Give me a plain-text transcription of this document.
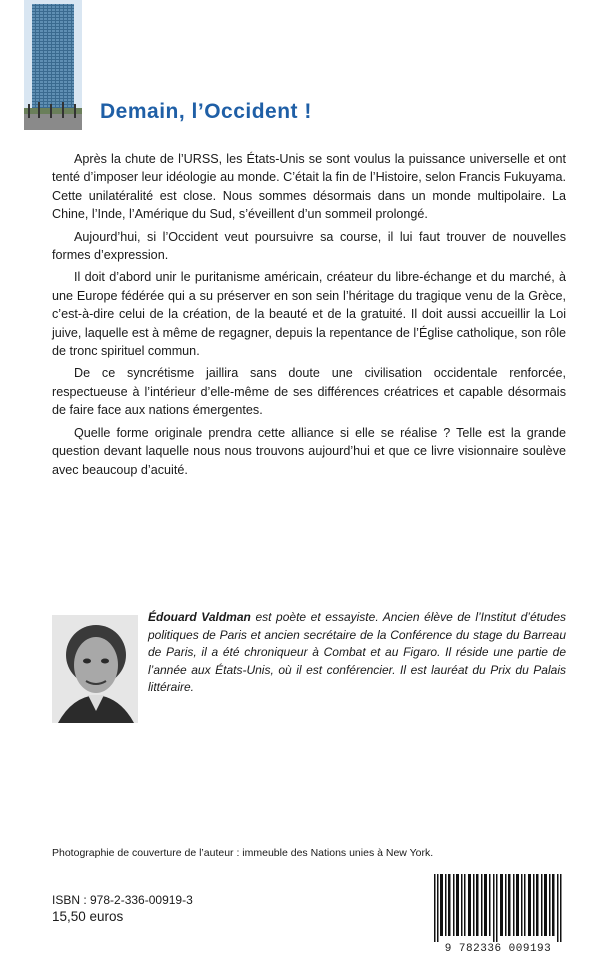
Demain, l’Occident !

Après la chute de l’URSS, les États-Unis se sont voulus la puissance universelle et ont tenté d’imposer leur idéologie au monde. C’était la fin de l’Histoire, selon Francis Fukuyama. Cette unilatéralité est close. Nous sommes désormais dans un monde multipolaire. La Chine, l’Inde, l’Amérique du Sud, s’éveillent d’un sommeil prolongé.

Aujourd’hui, si l’Occident veut poursuivre sa course, il lui faut trouver de nouvelles formes d’expression.

Il doit d’abord unir le puritanisme américain, créateur du libre-échange et du marché, à une Europe fédérée qui a su préserver en son sein l’héritage du tragique venu de la Grèce, c’est-à-dire celui de la création, de la beauté et de la gratuité. Il doit aussi accueillir la Loi juive, laquelle est à même de regagner, depuis la repentance de l’Église catholique, son rôle de tronc spirituel commun.

De ce syncrétisme jaillira sans doute une civilisation occidentale renforcée, respectueuse à l’intérieur d’elle-même de ses différences créatrices et capable désormais de faire face aux nations émergentes.

Quelle forme originale prendra cette alliance si elle se réalise ? Telle est la grande question devant laquelle nous nous trouvons aujourd’hui et que ce livre visionnaire soulève avec beaucoup d’acuité.

Édouard Valdman est poète et essayiste. Ancien élève de l’Institut d’études politiques de Paris et ancien secrétaire de la Conférence du stage du Barreau de Paris, il a été chroniqueur à Combat et au Figaro. Il réside une partie de l’année aux États-Unis, où il est conférencier. Il est lauréat du Prix du Palais littéraire.
Photographie de couverture de l’auteur : immeuble des Nations unies à New York.
ISBN : 978-2-336-00919-3
15,50 euros
9 782336 009193
